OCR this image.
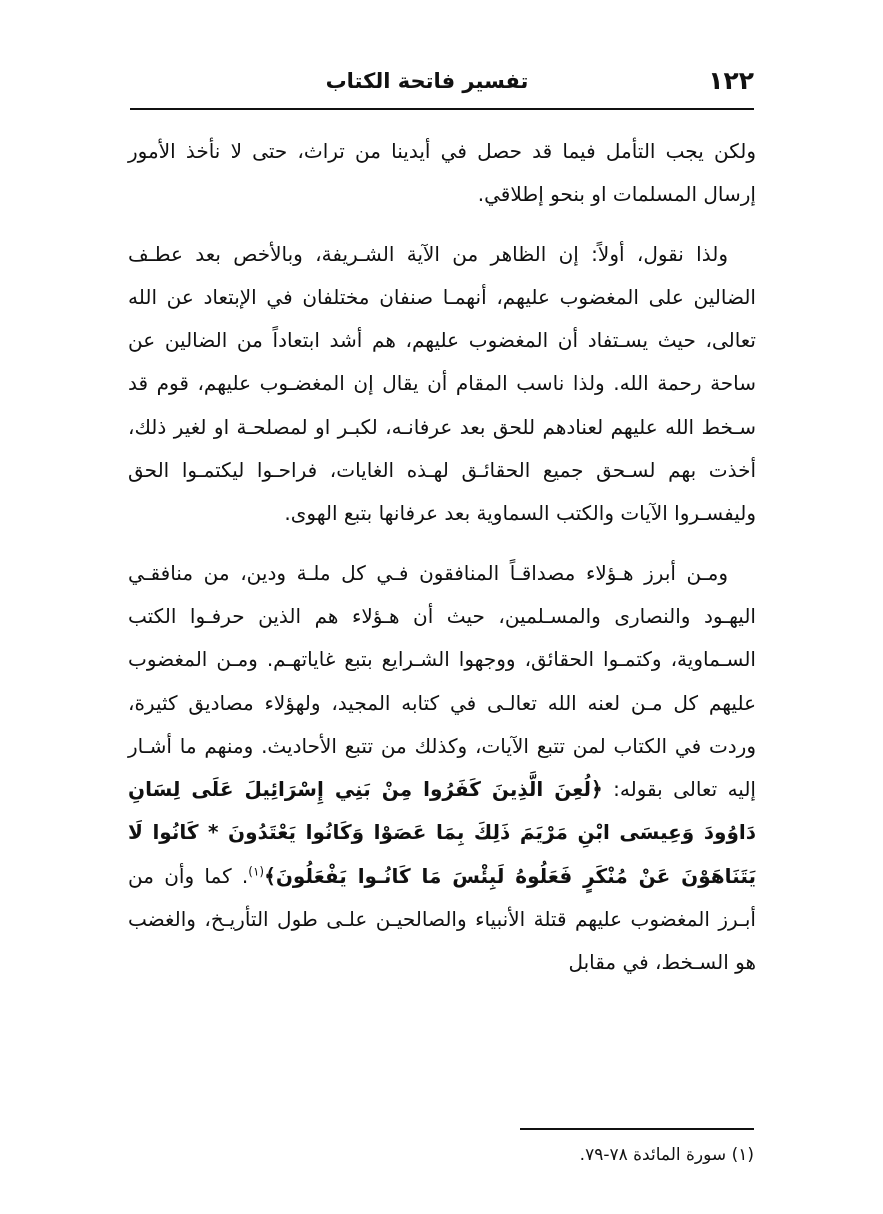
١٢٢
تفسير فاتحة الكتاب

ولكن يجب التأمل فيما قد حصل في أيدينا من تراث، حتى لا نأخذ الأمور إرسال المسلمات او بنحو إطلاقي.

ولذا نقول، أولاً: إن الظاهر من الآية الشـريفة، وبالأخص بعد عطـف الضالين على المغضوب عليهم، أنهمـا صنفان مختلفان في الإبتعاد عن الله تعالى، حيث يسـتفاد أن المغضوب عليهم، هم أشد ابتعاداً من الضالين عن ساحة رحمة الله. ولذا ناسب المقام أن يقال إن المغضـوب عليهم، قوم قد سـخط الله عليهم لعنادهم للحق بعد عرفانـه، لكبـر او لمصلحـة او لغير ذلك، أخذت بهم لسـحق جميع الحقائـق لهـذه الغايات، فراحـوا ليكتمـوا الحق وليفسـروا الآيات والكتب السماوية بعد عرفانها بتبع الهوى.

ومـن أبرز هـؤلاء مصداقـاً المنافقون فـي كل ملـة ودين، من منافقـي اليهـود والنصارى والمسـلمين، حيث أن هـؤلاء هم الذين حرفـوا الكتب السـماوية، وكتمـوا الحقائق، ووجهوا الشـرايع بتبع غاياتهـم. ومـن المغضوب عليهم كل مـن لعنه الله تعالـى في كتابه المجيد، ولهؤلاء مصاديق كثيرة، وردت في الكتاب لمن تتبع الآيات، وكذلك من تتبع الأحاديث. ومنهم ما أشـار إليه تعالى بقوله: ﴿لُعِنَ الَّذِينَ كَفَرُوا مِنْ بَنِي إِسْرَائِيلَ عَلَى لِسَانِ دَاوُودَ وَعِيسَى ابْنِ مَرْيَمَ ذَلِكَ بِمَا عَصَوْا وَكَانُوا يَعْتَدُونَ * كَانُوا لَا يَتَنَاهَوْنَ عَنْ مُنْكَرٍ فَعَلُوهُ لَبِئْسَ مَا كَانُـوا يَفْعَلُونَ﴾$^{(١)}$. كما وأن من أبـرز المغضوب عليهم قتلة الأنبياء والصالحيـن علـى طول التأريـخ، والغضب هو السـخط، في مقابل

(١) سورة المائدة ٧٨-٧٩.
